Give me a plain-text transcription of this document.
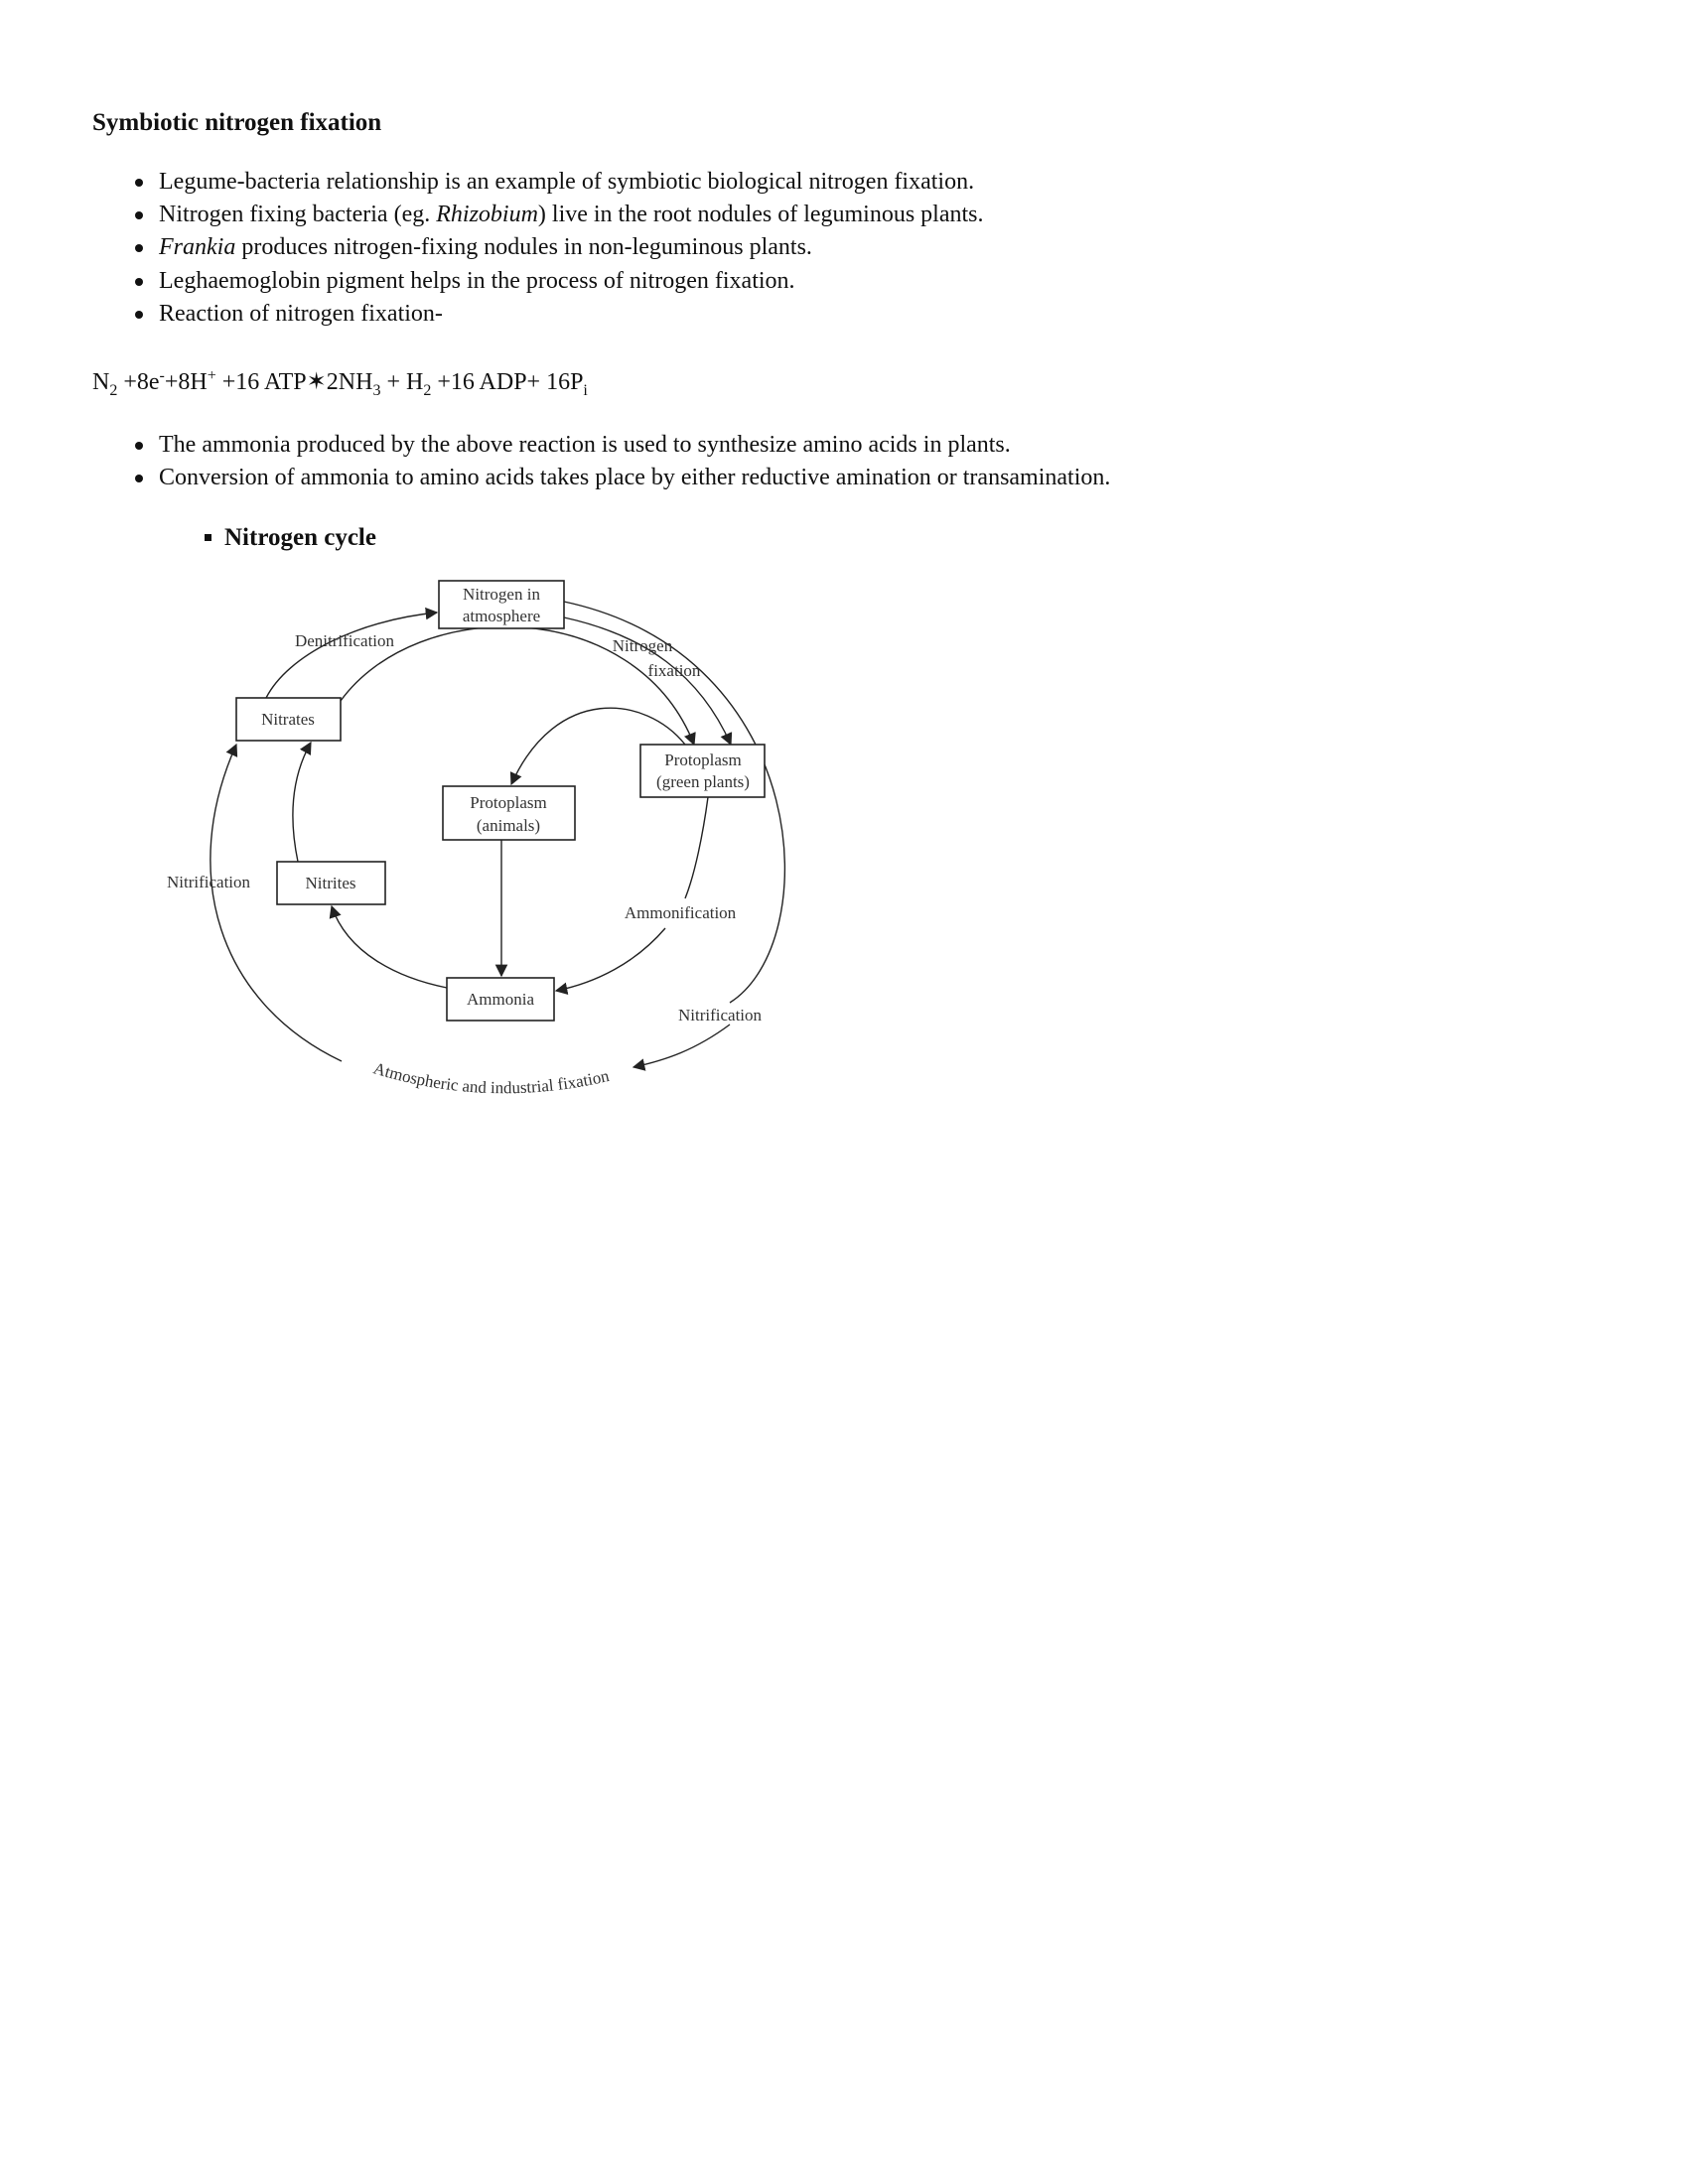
Symbiotic nitrogen fixation
Legume-bacteria relationship is an example of symbiotic biological nitrogen fixation.
Nitrogen fixing bacteria (eg. Rhizobium) live in the root nodules of leguminous plants.
Frankia produces nitrogen-fixing nodules in non-leguminous plants.
Leghaemoglobin pigment helps in the process of nitrogen fixation.
Reaction of nitrogen fixation-
$N_2 +8e^-+8H^+ +16$ $ATP✶2NH_3 + H_2 +16$ $ADP+ 16P_i$
The ammonia produced by the above reaction is used to synthesize amino acids in plants.
Conversion of ammonia to amino acids takes place by either reductive amination or transamination.
Nitrogen cycle
Nitrogen in
atmosphere
Nitrates
Protoplasm
(green plants)
Protoplasm
(animals)
Nitrites
Ammonia
Denitrification	Nitrogen
fixation
Nitrification
Ammonification
Nitrification
Atmospheric and industrial fixation
